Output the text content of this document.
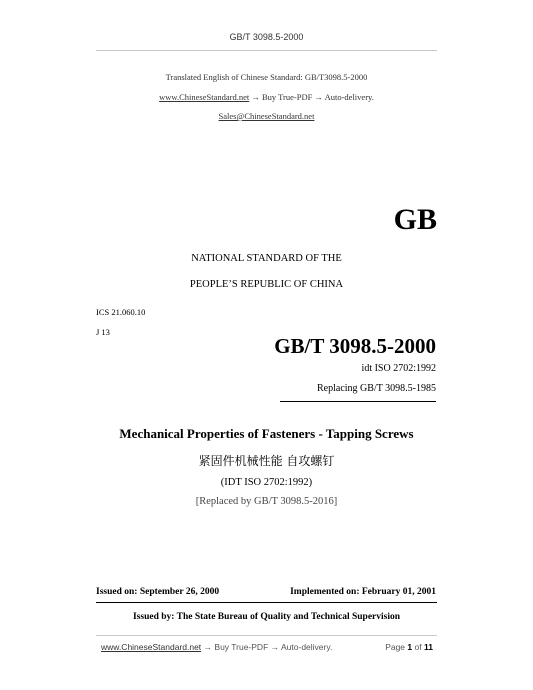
GB/T 3098.5-2000
Translated English of Chinese Standard: GB/T3098.5-2000
www.ChineseStandard.net → Buy True-PDF → Auto-delivery.
Sales@ChineseStandard.net
GB
NATIONAL STANDARD OF THE
PEOPLE’S REPUBLIC OF CHINA
ICS 21.060.10
J 13
GB/T 3098.5-2000
idt ISO 2702:1992
Replacing GB/T 3098.5-1985
Mechanical Properties of Fasteners - Tapping Screws
紧固件机械性能 自攻螺钉
(IDT ISO 2702:1992)
[Replaced by GB/T 3098.5-2016]
Issued on: September 26, 2000	Implemented on: February 01, 2001
Issued by: The State Bureau of Quality and Technical Supervision
www.ChineseStandard.net → Buy True-PDF → Auto-delivery.	Page 1 of 11
